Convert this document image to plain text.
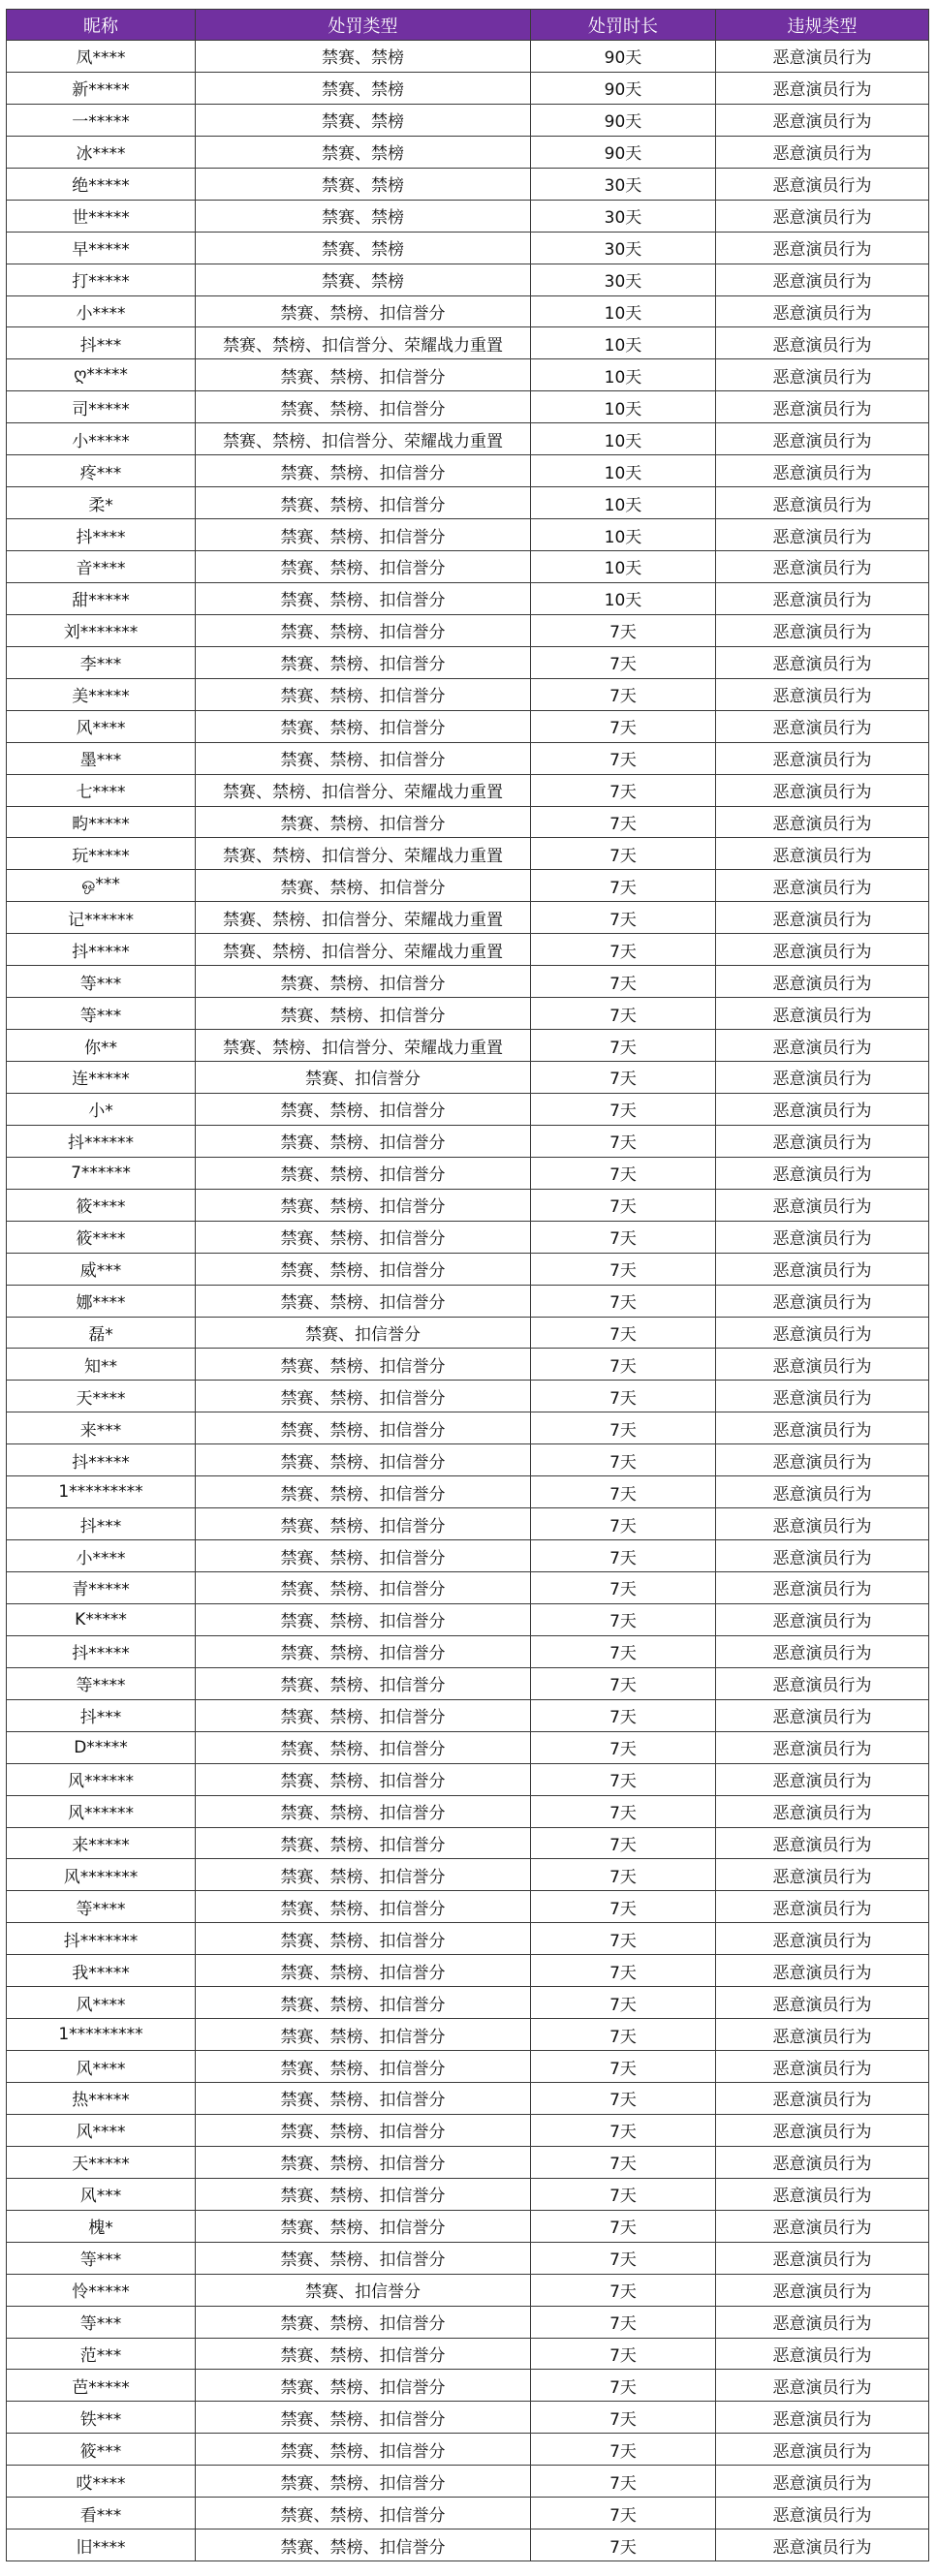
昵称	处罚类型	处罚时长	违规类型
凤****	禁赛、禁榜	90天	恶意演员行为
新*****	禁赛、禁榜	90天	恶意演员行为
一*****	禁赛、禁榜	90天	恶意演员行为
冰****	禁赛、禁榜	90天	恶意演员行为
绝*****	禁赛、禁榜	30天	恶意演员行为
世*****	禁赛、禁榜	30天	恶意演员行为
早*****	禁赛、禁榜	30天	恶意演员行为
打*****	禁赛、禁榜	30天	恶意演员行为
小****	禁赛、禁榜、扣信誉分	10天	恶意演员行为
抖***	禁赛、禁榜、扣信誉分、荣耀战力重置	10天	恶意演员行为
ღ*****	禁赛、禁榜、扣信誉分	10天	恶意演员行为
司*****	禁赛、禁榜、扣信誉分	10天	恶意演员行为
小*****	禁赛、禁榜、扣信誉分、荣耀战力重置	10天	恶意演员行为
疼***	禁赛、禁榜、扣信誉分	10天	恶意演员行为
柔*	禁赛、禁榜、扣信誉分	10天	恶意演员行为
抖****	禁赛、禁榜、扣信誉分	10天	恶意演员行为
音****	禁赛、禁榜、扣信誉分	10天	恶意演员行为
甜*****	禁赛、禁榜、扣信誉分	10天	恶意演员行为
刘*******	禁赛、禁榜、扣信誉分	7天	恶意演员行为
李***	禁赛、禁榜、扣信誉分	7天	恶意演员行为
美*****	禁赛、禁榜、扣信誉分	7天	恶意演员行为
风****	禁赛、禁榜、扣信誉分	7天	恶意演员行为
墨***	禁赛、禁榜、扣信誉分	7天	恶意演员行为
七****	禁赛、禁榜、扣信誉分、荣耀战力重置	7天	恶意演员行为
畇*****	禁赛、禁榜、扣信誉分	7天	恶意演员行为
玩*****	禁赛、禁榜、扣信誉分、荣耀战力重置	7天	恶意演员行为
ஒ***	禁赛、禁榜、扣信誉分	7天	恶意演员行为
记******	禁赛、禁榜、扣信誉分、荣耀战力重置	7天	恶意演员行为
抖*****	禁赛、禁榜、扣信誉分、荣耀战力重置	7天	恶意演员行为
等***	禁赛、禁榜、扣信誉分	7天	恶意演员行为
等***	禁赛、禁榜、扣信誉分	7天	恶意演员行为
你**	禁赛、禁榜、扣信誉分、荣耀战力重置	7天	恶意演员行为
连*****	禁赛、扣信誉分	7天	恶意演员行为
小*	禁赛、禁榜、扣信誉分	7天	恶意演员行为
抖******	禁赛、禁榜、扣信誉分	7天	恶意演员行为
7******	禁赛、禁榜、扣信誉分	7天	恶意演员行为
筱****	禁赛、禁榜、扣信誉分	7天	恶意演员行为
筱****	禁赛、禁榜、扣信誉分	7天	恶意演员行为
威***	禁赛、禁榜、扣信誉分	7天	恶意演员行为
娜****	禁赛、禁榜、扣信誉分	7天	恶意演员行为
磊*	禁赛、扣信誉分	7天	恶意演员行为
知**	禁赛、禁榜、扣信誉分	7天	恶意演员行为
天****	禁赛、禁榜、扣信誉分	7天	恶意演员行为
来***	禁赛、禁榜、扣信誉分	7天	恶意演员行为
抖*****	禁赛、禁榜、扣信誉分	7天	恶意演员行为
1*********	禁赛、禁榜、扣信誉分	7天	恶意演员行为
抖***	禁赛、禁榜、扣信誉分	7天	恶意演员行为
小****	禁赛、禁榜、扣信誉分	7天	恶意演员行为
青*****	禁赛、禁榜、扣信誉分	7天	恶意演员行为
K*****	禁赛、禁榜、扣信誉分	7天	恶意演员行为
抖*****	禁赛、禁榜、扣信誉分	7天	恶意演员行为
等****	禁赛、禁榜、扣信誉分	7天	恶意演员行为
抖***	禁赛、禁榜、扣信誉分	7天	恶意演员行为
D*****	禁赛、禁榜、扣信誉分	7天	恶意演员行为
风******	禁赛、禁榜、扣信誉分	7天	恶意演员行为
风******	禁赛、禁榜、扣信誉分	7天	恶意演员行为
来*****	禁赛、禁榜、扣信誉分	7天	恶意演员行为
风*******	禁赛、禁榜、扣信誉分	7天	恶意演员行为
等****	禁赛、禁榜、扣信誉分	7天	恶意演员行为
抖*******	禁赛、禁榜、扣信誉分	7天	恶意演员行为
我*****	禁赛、禁榜、扣信誉分	7天	恶意演员行为
风****	禁赛、禁榜、扣信誉分	7天	恶意演员行为
1*********	禁赛、禁榜、扣信誉分	7天	恶意演员行为
风****	禁赛、禁榜、扣信誉分	7天	恶意演员行为
热*****	禁赛、禁榜、扣信誉分	7天	恶意演员行为
风****	禁赛、禁榜、扣信誉分	7天	恶意演员行为
天*****	禁赛、禁榜、扣信誉分	7天	恶意演员行为
风***	禁赛、禁榜、扣信誉分	7天	恶意演员行为
槐*	禁赛、禁榜、扣信誉分	7天	恶意演员行为
等***	禁赛、禁榜、扣信誉分	7天	恶意演员行为
怜*****	禁赛、扣信誉分	7天	恶意演员行为
等***	禁赛、禁榜、扣信誉分	7天	恶意演员行为
范***	禁赛、禁榜、扣信誉分	7天	恶意演员行为
芭*****	禁赛、禁榜、扣信誉分	7天	恶意演员行为
铁***	禁赛、禁榜、扣信誉分	7天	恶意演员行为
筱***	禁赛、禁榜、扣信誉分	7天	恶意演员行为
哎****	禁赛、禁榜、扣信誉分	7天	恶意演员行为
看***	禁赛、禁榜、扣信誉分	7天	恶意演员行为
旧****	禁赛、禁榜、扣信誉分	7天	恶意演员行为
